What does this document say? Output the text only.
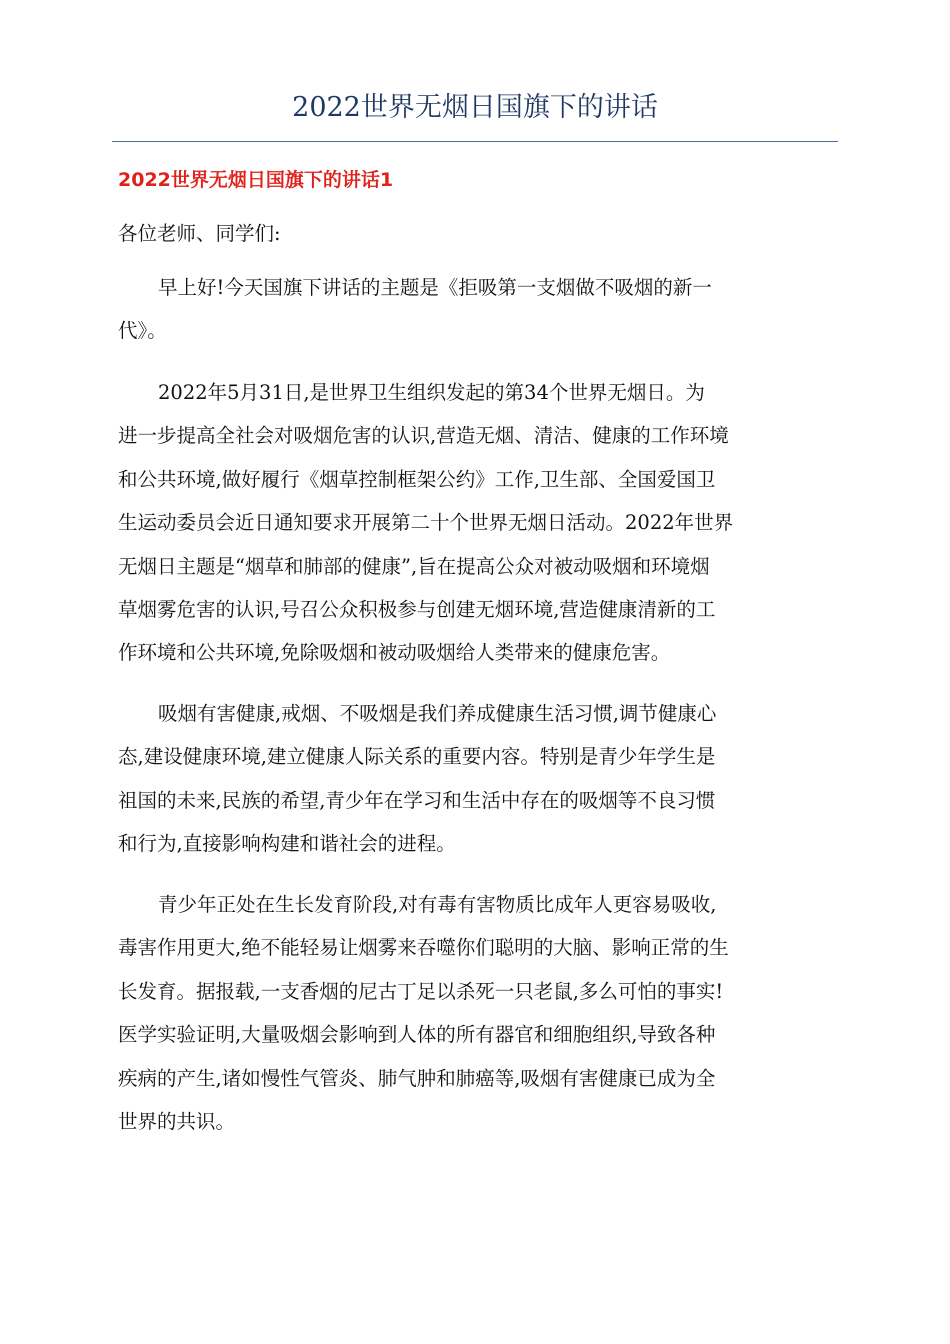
2022世界无烟日国旗下的讲话
2022世界无烟日国旗下的讲话1

各位老师、同学们:

早上好!今天国旗下讲话的主题是《拒吸第一支烟做不吸烟的新一
代》。

2022年5月31日,是世界卫生组织发起的第34个世界无烟日。为
进一步提高全社会对吸烟危害的认识,营造无烟、清洁、健康的工作环境
和公共环境,做好履行《烟草控制框架公约》工作,卫生部、全国爱国卫
生运动委员会近日通知要求开展第二十个世界无烟日活动。2022年世界
无烟日主题是“烟草和肺部的健康”,旨在提高公众对被动吸烟和环境烟
草烟雾危害的认识,号召公众积极参与创建无烟环境,营造健康清新的工
作环境和公共环境,免除吸烟和被动吸烟给人类带来的健康危害。

吸烟有害健康,戒烟、不吸烟是我们养成健康生活习惯,调节健康心
态,建设健康环境,建立健康人际关系的重要内容。特别是青少年学生是
祖国的未来,民族的希望,青少年在学习和生活中存在的吸烟等不良习惯
和行为,直接影响构建和谐社会的进程。

青少年正处在生长发育阶段,对有毒有害物质比成年人更容易吸收,
毒害作用更大,绝不能轻易让烟雾来吞噬你们聪明的大脑、影响正常的生
长发育。据报载,一支香烟的尼古丁足以杀死一只老鼠,多么可怕的事实!
医学实验证明,大量吸烟会影响到人体的所有器官和细胞组织,导致各种
疾病的产生,诸如慢性气管炎、肺气肿和肺癌等,吸烟有害健康已成为全
世界的共识。
